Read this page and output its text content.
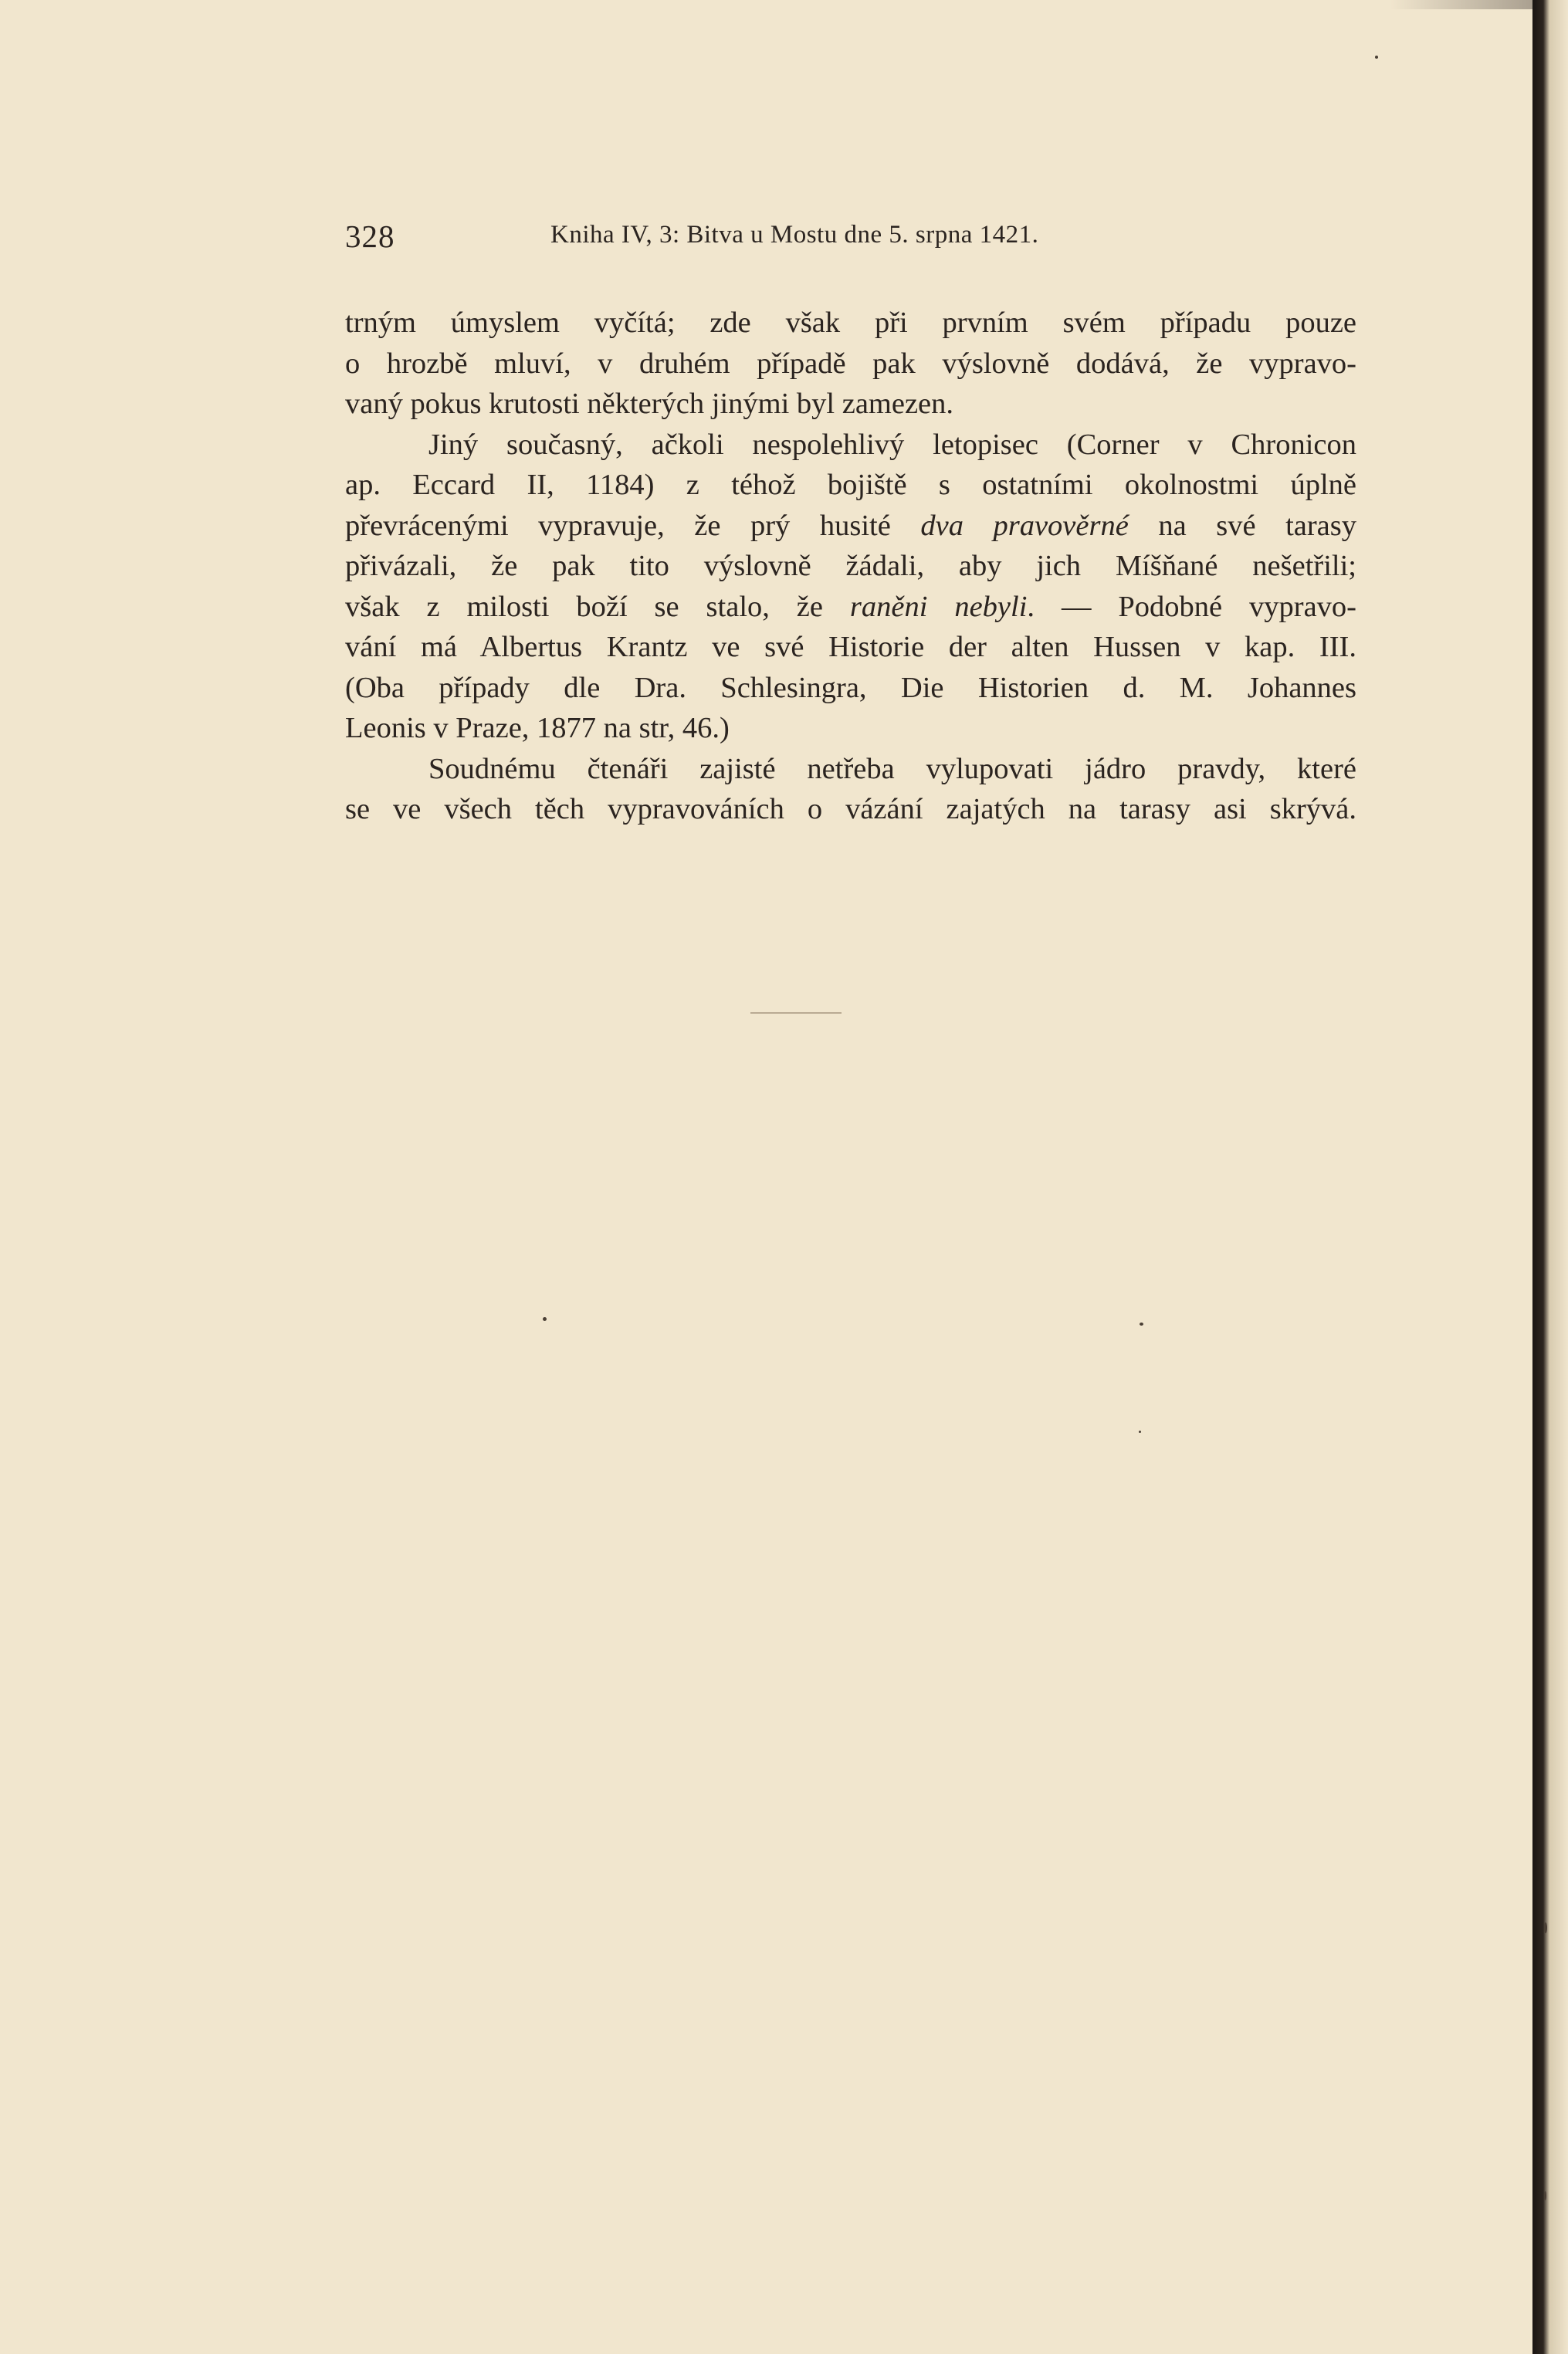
328	Kniha IV, 3: Bitva u Mostu dne 5. srpna 1421.

trným úmyslem vyčítá; zde však při prvním svém případu pouze

o hrozbě mluví, v druhém případě pak výslovně dodává, že vypravo-

vaný pokus krutosti některých jinými byl zamezen.

Jiný současný, ačkoli nespolehlivý letopisec (Corner v Chronicon

ap. Eccard II, 1184) z téhož bojiště s ostatními okolnostmi úplně

převrácenými vypravuje, že prý husité dva pravověrné na své tarasy

přivázali, že pak tito výslovně žádali, aby jich Míšňané nešetřili;

však z milosti boží se stalo, že raněni nebyli. — Podobné vypravo-

vání má Albertus Krantz ve své Historie der alten Hussen v kap. III.

(Oba případy dle Dra. Schlesingra, Die Historien d. M. Johannes

Leonis v Praze, 1877 na str, 46.)

Soudnému čtenáři zajisté netřeba vylupovati jádro pravdy, které

se ve všech těch vypravováních o vázání zajatých na tarasy asi skrývá.
